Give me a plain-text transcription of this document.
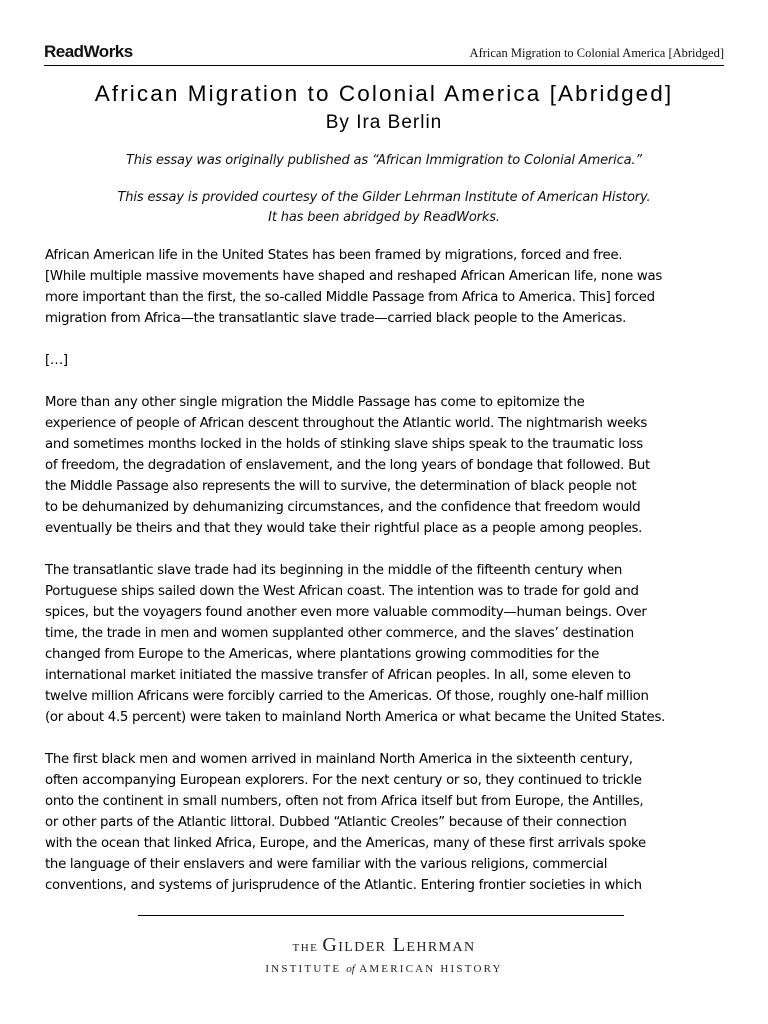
ReadWorks	African Migration to Colonial America [Abridged]
African Migration to Colonial America [Abridged]
By Ira Berlin
This essay was originally published as “African Immigration to Colonial America.”
This essay is provided courtesy of the Gilder Lehrman Institute of American History.
It has been abridged by ReadWorks.

African American life in the United States has been framed by migrations, forced and free.
[While multiple massive movements have shaped and reshaped African American life, none was
more important than the first, the so-called Middle Passage from Africa to America. This] forced
migration from Africa—the transatlantic slave trade—carried black people to the Americas.

[…]

More than any other single migration the Middle Passage has come to epitomize the
experience of people of African descent throughout the Atlantic world. The nightmarish weeks
and sometimes months locked in the holds of stinking slave ships speak to the traumatic loss
of freedom, the degradation of enslavement, and the long years of bondage that followed. But
the Middle Passage also represents the will to survive, the determination of black people not
to be dehumanized by dehumanizing circumstances, and the confidence that freedom would
eventually be theirs and that they would take their rightful place as a people among peoples.

The transatlantic slave trade had its beginning in the middle of the fifteenth century when
Portuguese ships sailed down the West African coast. The intention was to trade for gold and
spices, but the voyagers found another even more valuable commodity—human beings. Over
time, the trade in men and women supplanted other commerce, and the slaves’ destination
changed from Europe to the Americas, where plantations growing commodities for the
international market initiated the massive transfer of African peoples. In all, some eleven to
twelve million Africans were forcibly carried to the Americas. Of those, roughly one-half million
(or about 4.5 percent) were taken to mainland North America or what became the United States.

The first black men and women arrived in mainland North America in the sixteenth century,
often accompanying European explorers. For the next century or so, they continued to trickle
onto the continent in small numbers, often not from Africa itself but from Europe, the Antilles,
or other parts of the Atlantic littoral. Dubbed “Atlantic Creoles” because of their connection
with the ocean that linked Africa, Europe, and the Americas, many of these first arrivals spoke
the language of their enslavers and were familiar with the various religions, commercial
conventions, and systems of jurisprudence of the Atlantic. Entering frontier societies in which

THE Gilder Lehrman
INSTITUTE of AMERICAN HISTORY
